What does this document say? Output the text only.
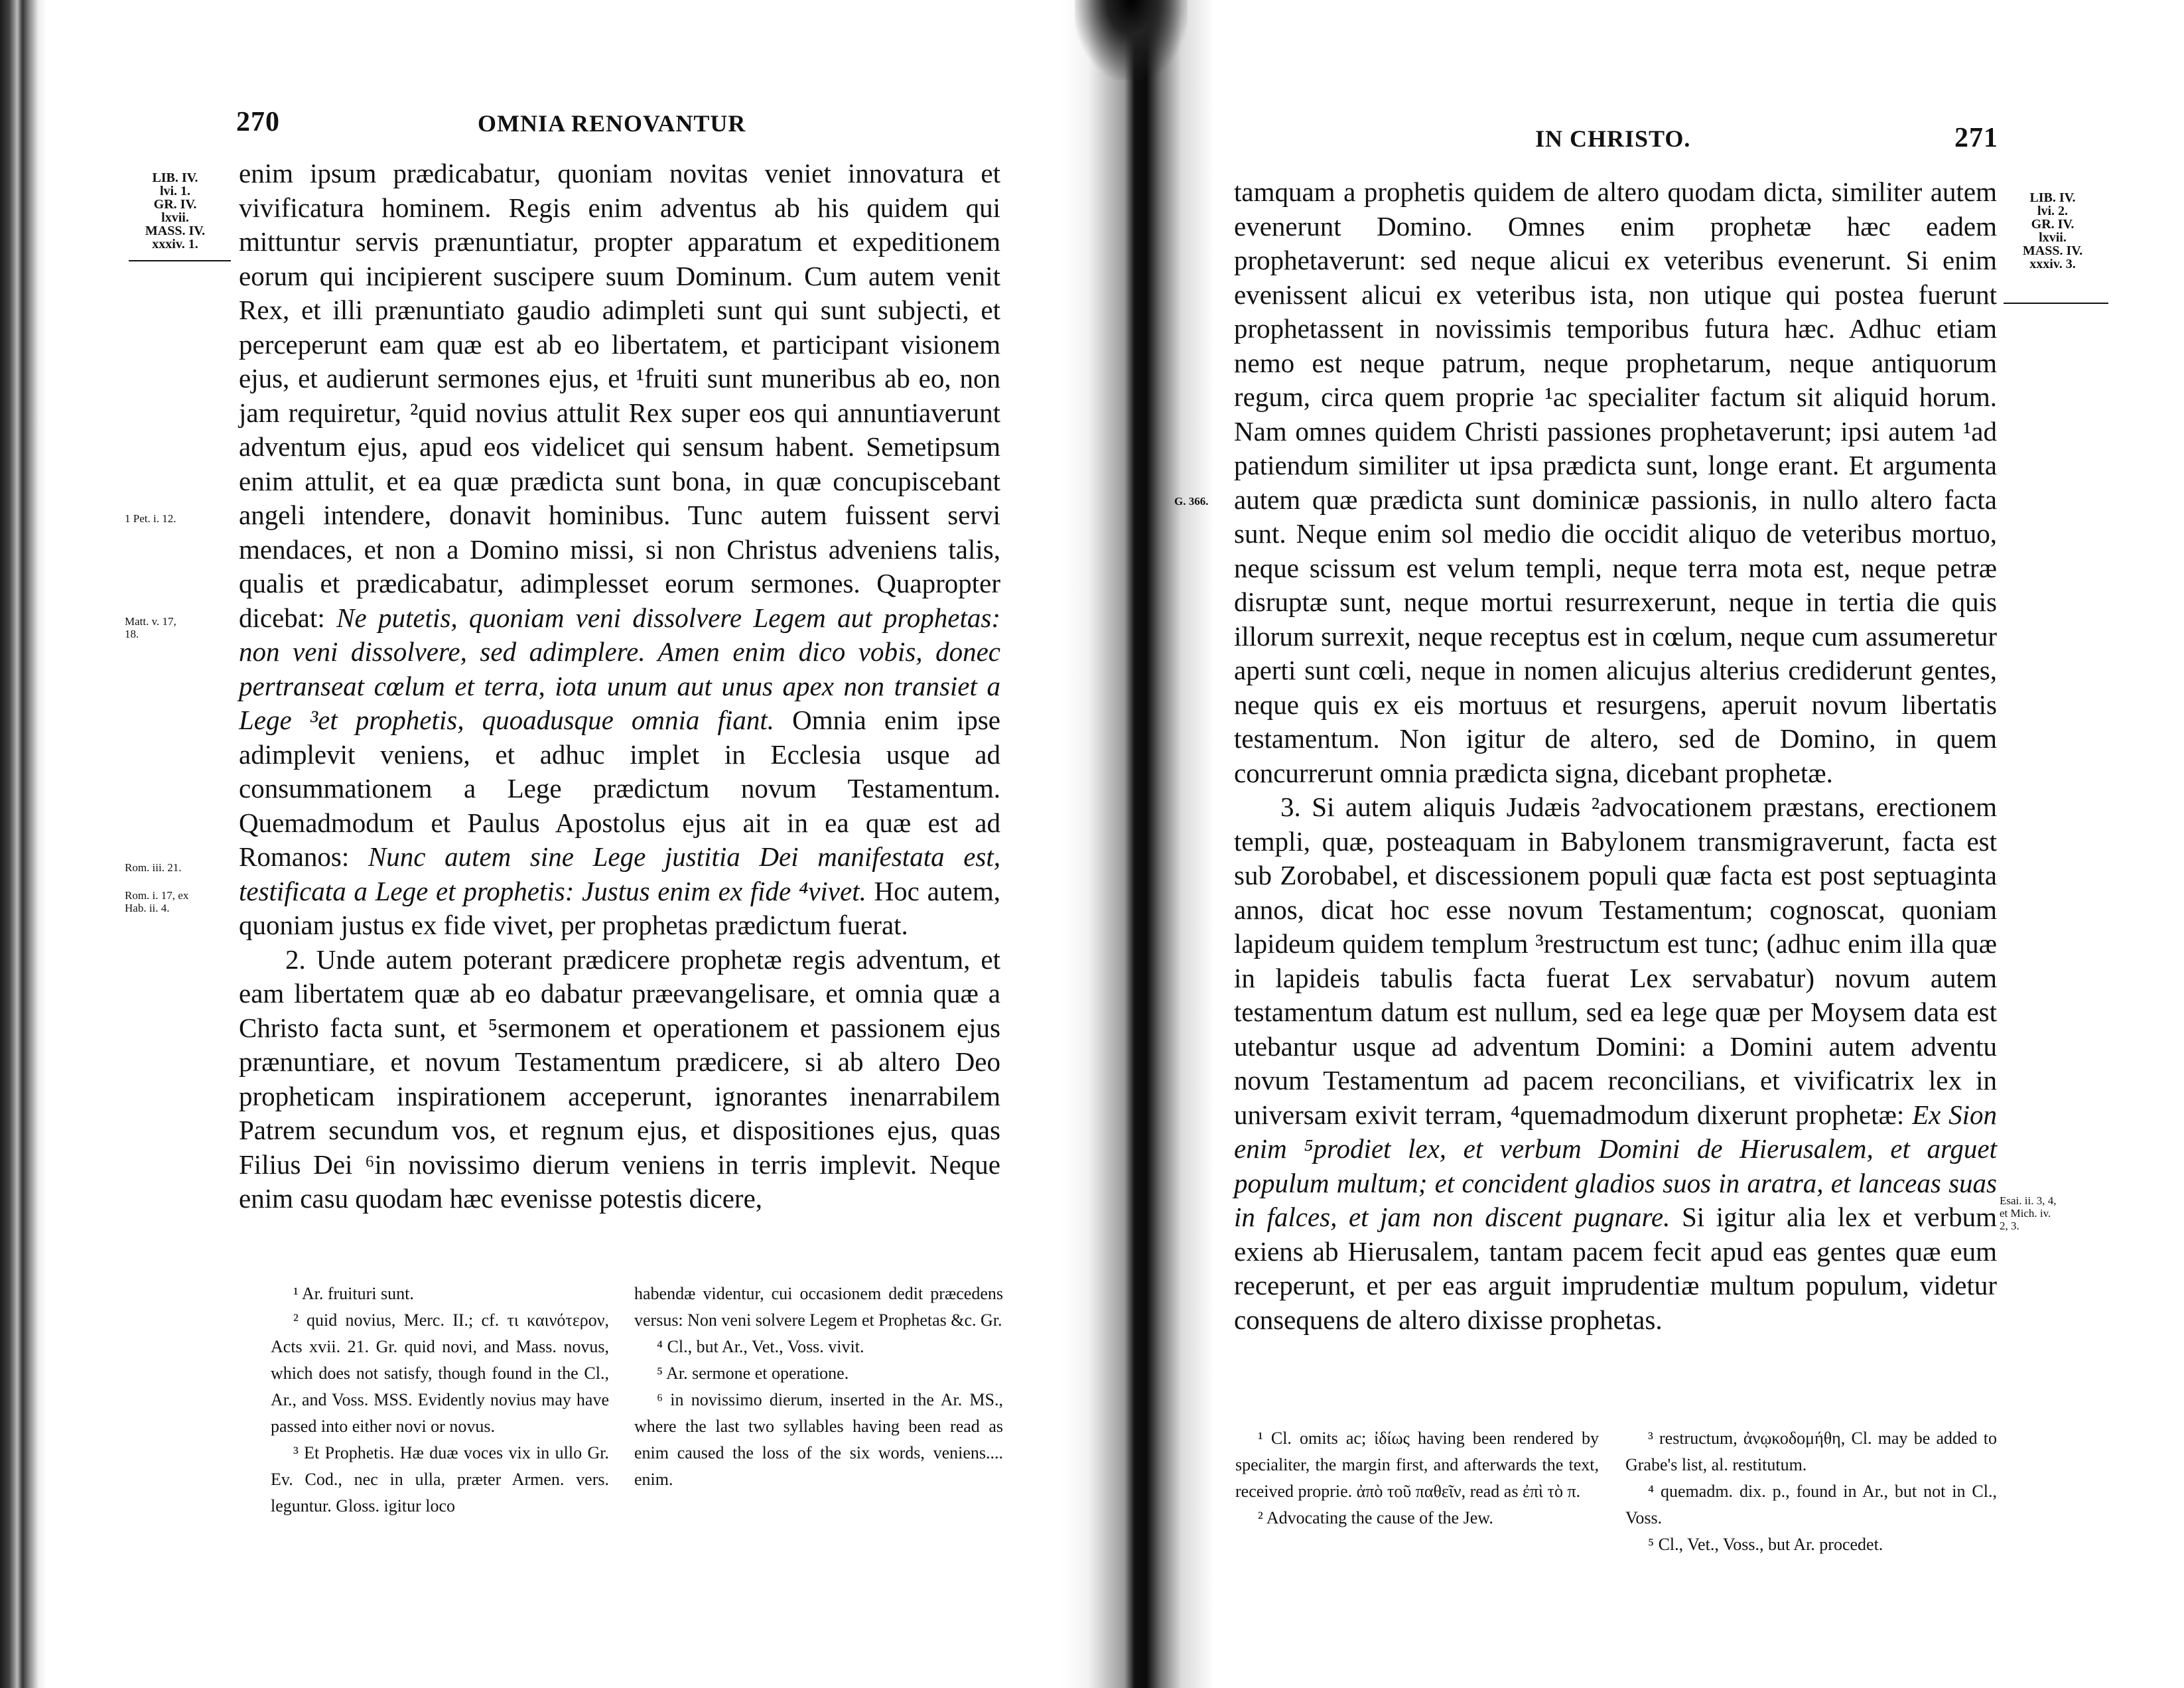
270	OMNIA RENOVANTUR
LIB. IV.
lvi. 1.
GR. IV.
lxvii.
MASS. IV.
xxxiv. 1.
1 Pet. i. 12.
Matt. v. 17,
18.
Rom. iii. 21.
Rom. i. 17, ex
Hab. ii. 4.

enim ipsum prædicabatur, quoniam novitas veniet innovatura et vivificatura hominem. Regis enim adventus ab his quidem qui mittuntur servis prænuntiatur, propter apparatum et expeditionem eorum qui incipierent suscipere suum Dominum. Cum autem venit Rex, et illi prænuntiato gaudio adimpleti sunt qui sunt subjecti, et perceperunt eam quæ est ab eo libertatem, et participant visionem ejus, et audierunt sermones ejus, et ¹fruiti sunt muneribus ab eo, non jam requiretur, ²quid novius attulit Rex super eos qui annuntiaverunt adventum ejus, apud eos videlicet qui sensum habent. Semetipsum enim attulit, et ea quæ prædicta sunt bona, in quæ concupiscebant angeli intendere, donavit hominibus. Tunc autem fuissent servi mendaces, et non a Domino missi, si non Christus adveniens talis, qualis et prædicabatur, adimplesset eorum sermones. Quapropter dicebat: Ne putetis, quoniam veni dissolvere Legem aut prophetas: non veni dissolvere, sed adimplere. Amen enim dico vobis, donec pertranseat cœlum et terra, iota unum aut unus apex non transiet a Lege ³et prophetis, quoadusque omnia fiant. Omnia enim ipse adimplevit veniens, et adhuc implet in Ecclesia usque ad consummationem a Lege prædictum novum Testamentum. Quemadmodum et Paulus Apostolus ejus ait in ea quæ est ad Romanos: Nunc autem sine Lege justitia Dei manifestata est, testificata a Lege et prophetis: Justus enim ex fide ⁴vivet. Hoc autem, quoniam justus ex fide vivet, per prophetas prædictum fuerat.

2. Unde autem poterant prædicere prophetæ regis adventum, et eam libertatem quæ ab eo dabatur præevangelisare, et omnia quæ a Christo facta sunt, et ⁵sermonem et operationem et passionem ejus prænuntiare, et novum Testamentum prædicere, si ab altero Deo propheticam inspirationem acceperunt, ignorantes inenarrabilem Patrem secundum vos, et regnum ejus, et dispositiones ejus, quas Filius Dei ⁶in novissimo dierum veniens in terris implevit. Neque enim casu quodam hæc evenisse potestis dicere,

¹ Ar. fruituri sunt.

² quid novius, Merc. II.; cf. τι καινότερον, Acts xvii. 21. Gr. quid novi, and Mass. novus, which does not satisfy, though found in the Cl., Ar., and Voss. MSS. Evidently novius may have passed into either novi or novus.

³ Et Prophetis. Hæ duæ voces vix in ullo Gr. Ev. Cod., nec in ulla, præter Armen. vers. leguntur. Gloss. igitur loco

habendæ videntur, cui occasionem dedit præcedens versus: Non veni solvere Legem et Prophetas &c. Gr.

⁴ Cl., but Ar., Vet., Voss. vivit.

⁵ Ar. sermone et operatione.

⁶ in novissimo dierum, inserted in the Ar. MS., where the last two syllables having been read as enim caused the loss of the six words, veniens.... enim.

IN CHRISTO.	271
LIB. IV.
lvi. 2.
GR. IV.
lxvii.
MASS. IV.
xxxiv. 3.
G. 366.
Esai. ii. 3, 4,
et Mich. iv.
2, 3.

tamquam a prophetis quidem de altero quodam dicta, similiter autem evenerunt Domino. Omnes enim prophetæ hæc eadem prophetaverunt: sed neque alicui ex veteribus evenerunt. Si enim evenissent alicui ex veteribus ista, non utique qui postea fuerunt prophetassent in novissimis temporibus futura hæc. Adhuc etiam nemo est neque patrum, neque prophetarum, neque antiquorum regum, circa quem proprie ¹ac specialiter factum sit aliquid horum. Nam omnes quidem Christi passiones prophetaverunt; ipsi autem ¹ad patiendum similiter ut ipsa prædicta sunt, longe erant. Et argumenta autem quæ prædicta sunt dominicæ passionis, in nullo altero facta sunt. Neque enim sol medio die occidit aliquo de veteribus mortuo, neque scissum est velum templi, neque terra mota est, neque petræ disruptæ sunt, neque mortui resurrexerunt, neque in tertia die quis illorum surrexit, neque receptus est in cœlum, neque cum assumeretur aperti sunt cœli, neque in nomen alicujus alterius crediderunt gentes, neque quis ex eis mortuus et resurgens, aperuit novum libertatis testamentum. Non igitur de altero, sed de Domino, in quem concurrerunt omnia prædicta signa, dicebant prophetæ.

3. Si autem aliquis Judæis ²advocationem præstans, erectionem templi, quæ, posteaquam in Babylonem transmigraverunt, facta est sub Zorobabel, et discessionem populi quæ facta est post septuaginta annos, dicat hoc esse novum Testamentum; cognoscat, quoniam lapideum quidem templum ³restructum est tunc; (adhuc enim illa quæ in lapideis tabulis facta fuerat Lex servabatur) novum autem testamentum datum est nullum, sed ea lege quæ per Moysem data est utebantur usque ad adventum Domini: a Domini autem adventu novum Testamentum ad pacem reconcilians, et vivificatrix lex in universam exivit terram, ⁴quemadmodum dixerunt prophetæ: Ex Sion enim ⁵prodiet lex, et verbum Domini de Hierusalem, et arguet populum multum; et concident gladios suos in aratra, et lanceas suas in falces, et jam non discent pugnare. Si igitur alia lex et verbum exiens ab Hierusalem, tantam pacem fecit apud eas gentes quæ eum receperunt, et per eas arguit imprudentiæ multum populum, videtur consequens de altero dixisse prophetas.

¹ Cl. omits ac; ἰδίως having been rendered by specialiter, the margin first, and afterwards the text, received proprie. ἀπὸ τοῦ παθεῖν, read as ἐπὶ τὸ π.

² Advocating the cause of the Jew.

³ restructum, ἀνῳκοδομήθη, Cl. may be added to Grabe's list, al. restitutum.

⁴ quemadm. dix. p., found in Ar., but not in Cl., Voss.

⁵ Cl., Vet., Voss., but Ar. procedet.
